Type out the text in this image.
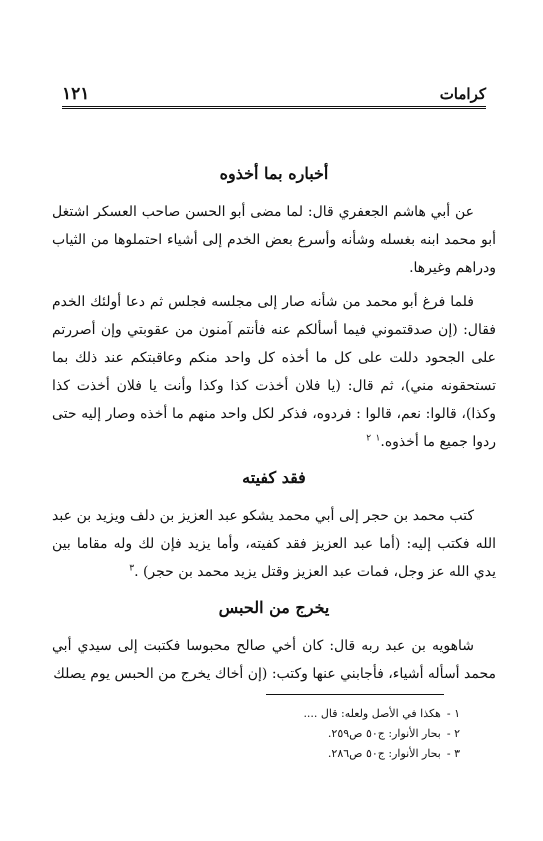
كرامات
١٢١
أخباره بما أخذوه

عن أبي هاشم الجعفري قال: لما مضى أبو الحسن صاحب العسكر اشتغل أبو محمد ابنه بغسله وشأنه وأسرع بعض الخدم إلى أشياء احتملوها من الثياب ودراهم وغيرها.

فلما فرغ أبو محمد من شأنه صار إلى مجلسه فجلس ثم دعا أولئك الخدم فقال: (إن صدقتموني فيما أسألكم عنه فأنتم آمنون من عقوبتي وإن أصررتم على الجحود دللت على كل ما أخذه كل واحد منكم وعاقبتكم عند ذلك بما تستحقونه مني)، ثم قال: (يا فلان أخذت كذا وكذا وأنت يا فلان أخذت كذا وكذا)، قالوا: نعم، قالوا : فردوه، فذكر لكل واحد منهم ما أخذه وصار إليه حتى ردوا جميع ما أخذوه.$^١$ $^٢$

فقد كفيته

كتب محمد بن حجر إلى أبي محمد يشكو عبد العزيز بن دلف ويزيد بن عبد الله فكتب إليه: (أما عبد العزيز فقد كفيته، وأما يزيد فإن لك وله مقاما بين يدي الله عز وجل، فمات عبد العزيز وقتل يزيد محمد بن حجر) .$^٣$

يخرج من الحبس

شاهويه بن عبد ربه قال: كان أخي صالح محبوسا فكتبت إلى سيدي أبي محمد أسأله أشياء، فأجابني عنها وكتب: (إن أخاك يخرج من الحبس يوم يصلك

١ -هكذا في الأصل ولعله: قال ....

٢ -بحار الأنوار: ج٥٠ ص٢٥٩.

٣ -بحار الأنوار: ج٥٠ ص٢٨٦.
